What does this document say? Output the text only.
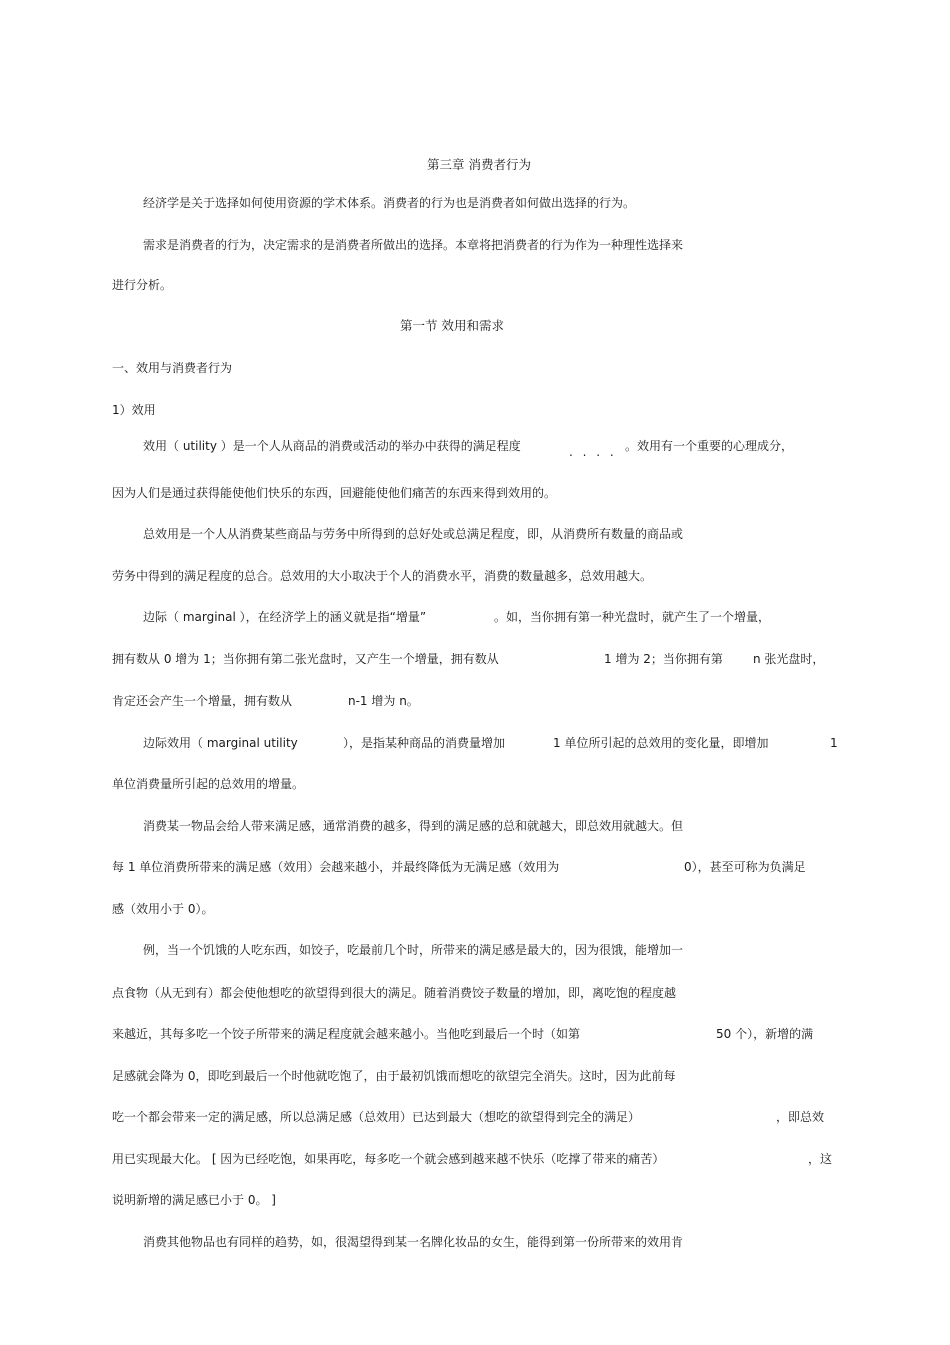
第三章 消费者行为
经济学是关于选择如何使用资源的学术体系。消费者的行为也是消费者如何做出选择的行为。
需求是消费者的行为，决定需求的是消费者所做出的选择。本章将把消费者的行为作为一种理性选择来
进行分析。
第一节 效用和需求
一、效用与消费者行为
1）效用
效用（ utility ）是一个人从商品的消费或活动的举办中获得的满足程度	. . . . 。效用有一个重要的心理成分，
因为人们是通过获得能使他们快乐的东西，回避能使他们痛苦的东西来得到效用的。
总效用是一个人从消费某些商品与劳务中所得到的总好处或总满足程度，即，从消费所有数量的商品或
劳务中得到的满足程度的总合。总效用的大小取决于个人的消费水平，消费的数量越多，总效用越大。
边际（ marginal ），在经济学上的涵义就是指“增量”	。如，当你拥有第一种光盘时，就产生了一个增量，
拥有数从 0 增为 1；当你拥有第二张光盘时，又产生一个增量，拥有数从	1 增为 2；当你拥有第	n 张光盘时，
肯定还会产生一个增量，拥有数从	n-1 增为 n。
边际效用（ marginal utility	），是指某种商品的消费量增加	1 单位所引起的总效用的变化量，即增加	1
单位消费量所引起的总效用的增量。
消费某一物品会给人带来满足感，通常消费的越多，得到的满足感的总和就越大，即总效用就越大。但
每 1 单位消费所带来的满足感（效用）会越来越小，并最终降低为无满足感（效用为	0），甚至可称为负满足
感（效用小于 0）。
例，当一个饥饿的人吃东西，如饺子，吃最前几个时，所带来的满足感是最大的，因为很饿，能增加一
点食物（从无到有）都会使他想吃的欲望得到很大的满足。随着消费饺子数量的增加，即，离吃饱的程度越
来越近，其每多吃一个饺子所带来的满足程度就会越来越小。当他吃到最后一个时（如第	50 个），新增的满
足感就会降为 0，即吃到最后一个时他就吃饱了，由于最初饥饿而想吃的欲望完全消失。这时，因为此前每
吃一个都会带来一定的满足感，所以总满足感（总效用）已达到最大（想吃的欲望得到完全的满足）	，即总效
用已实现最大化。 [ 因为已经吃饱，如果再吃，每多吃一个就会感到越来越不快乐（吃撑了带来的痛苦）	，这
说明新增的满足感已小于 0。 ]
消费其他物品也有同样的趋势，如，很渴望得到某一名牌化妆品的女生，能得到第一份所带来的效用肯
